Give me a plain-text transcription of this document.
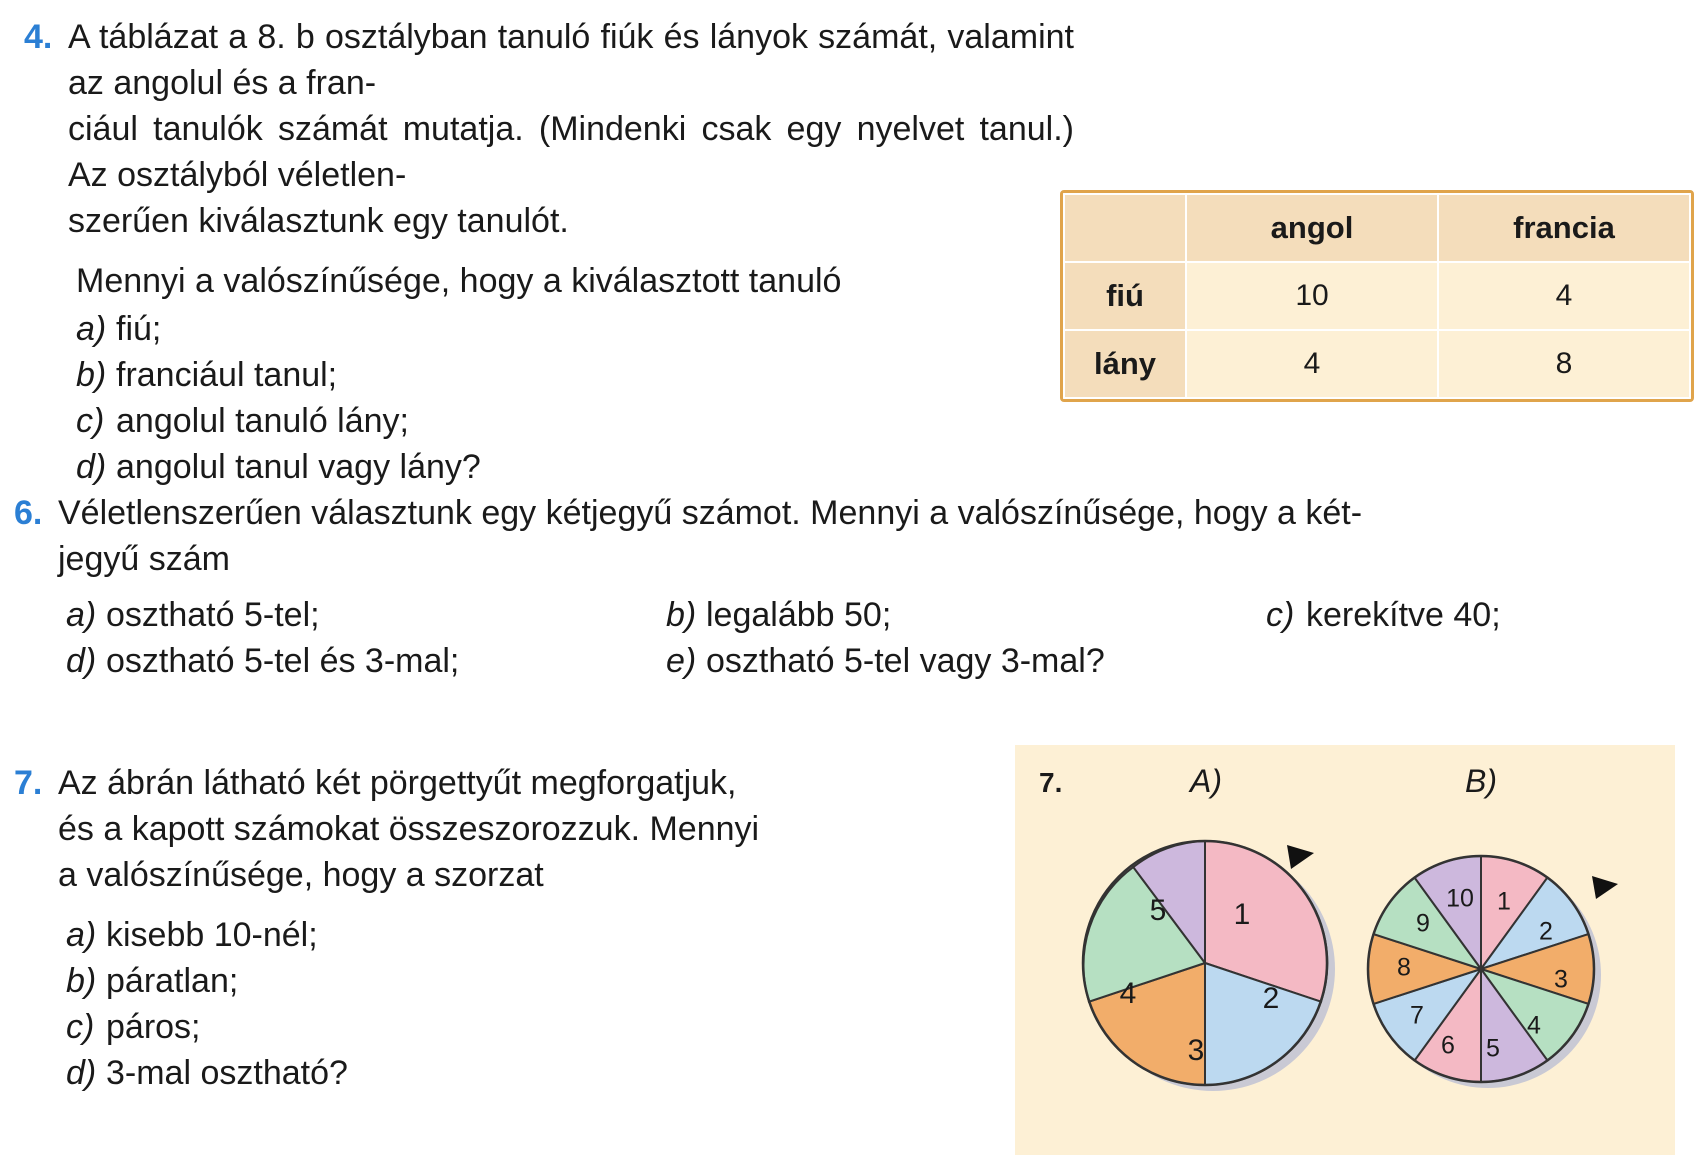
4. A táblázat a 8. b osztályban tanuló fiúk és lányok számát, valamint az angolul és a fran-

ciául tanulók számát mutatja. (Mindenki csak egy nyelvet tanul.) Az osztályból véletlen-

szerűen kiválasztunk egy tanulót.

Mennyi a valószínűsége, hogy a kiválasztott tanuló

a) fiú;
b) franciául tanul;
c) angolul tanuló lány;
d) angolul tanul vagy lány?
	angol	francia
fiú	10	4
lány	4	8
6. Véletlenszerűen választunk egy kétjegyű számot. Mennyi a valószínűsége, hogy a két-

jegyű szám

a) osztható 5-tel;	b) legalább 50;	c) kerekítve 40;
d) osztható 5-tel és 3-mal;	e) osztható 5-tel vagy 3-mal?
7. Az ábrán látható két pörgettyűt megforgatjuk,

és a kapott számokat összeszorozzuk. Mennyi

a valószínűsége, hogy a szorzat

a) kisebb 10-nél;
b) páratlan;
c) páros;
d) 3-mal osztható?
7.	A)	B)
1
2
3
4
5	1
2
3
4
5
6
7
8
9
10
